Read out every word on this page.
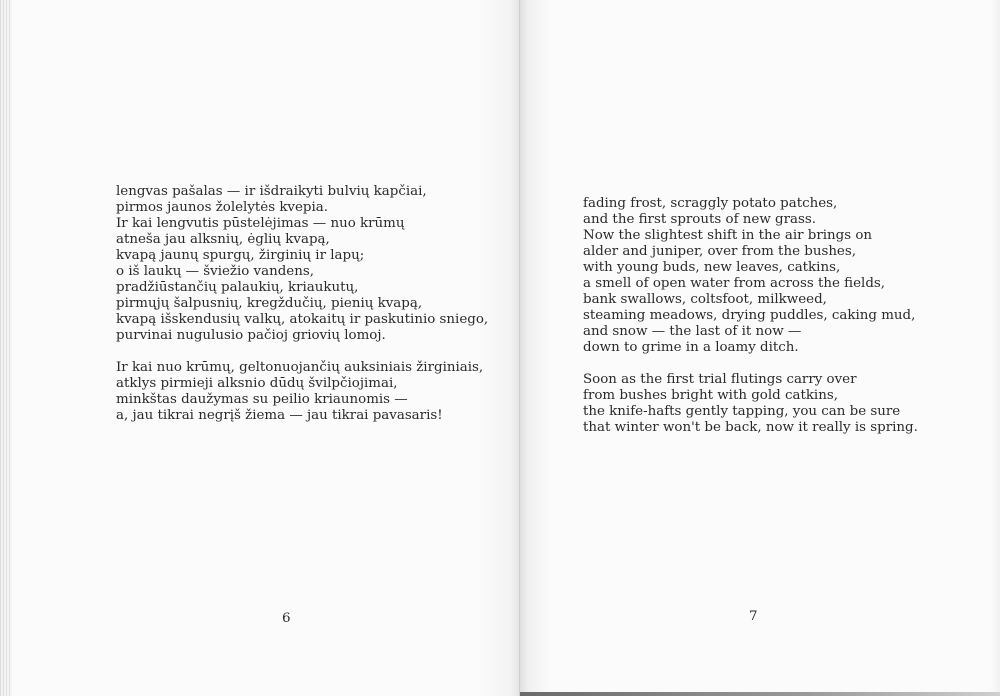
lengvas pašalas — ir išdraikyti bulvių kapčiai,
pirmos jaunos žolelytės kvepia.
Ir kai lengvutis pūstelėjimas — nuo krūmų
atneša jau alksnių, ėglių kvapą,
kvapą jaunų spurgų, žirginių ir lapų;
o iš laukų — šviežio vandens,
pradžiūstančių palaukių, kriaukutų,
pirmųjų šalpusnių, kregždučių, pienių kvapą,
kvapą išskendusių valkų, atokaitų ir paskutinio sniego,
purvinai nugulusio pačioj griovių lomoj.

Ir kai nuo krūmų, geltonuojančių auksiniais žirginiais,
atklys pirmieji alksnio dūdų švilpčiojimai,
minkštas daužymas su peilio kriaunomis —
a, jau tikrai negrįš žiema — jau tikrai pavasaris!

6

fading frost, scraggly potato patches,
and the first sprouts of new grass.
Now the slightest shift in the air brings on
alder and juniper, over from the bushes,
with young buds, new leaves, catkins,
a smell of open water from across the fields,
bank swallows, coltsfoot, milkweed,
steaming meadows, drying puddles, caking mud,
and snow — the last of it now —
down to grime in a loamy ditch.

Soon as the first trial flutings carry over
from bushes bright with gold catkins,
the knife-hafts gently tapping, you can be sure
that winter won't be back, now it really is spring.

7
